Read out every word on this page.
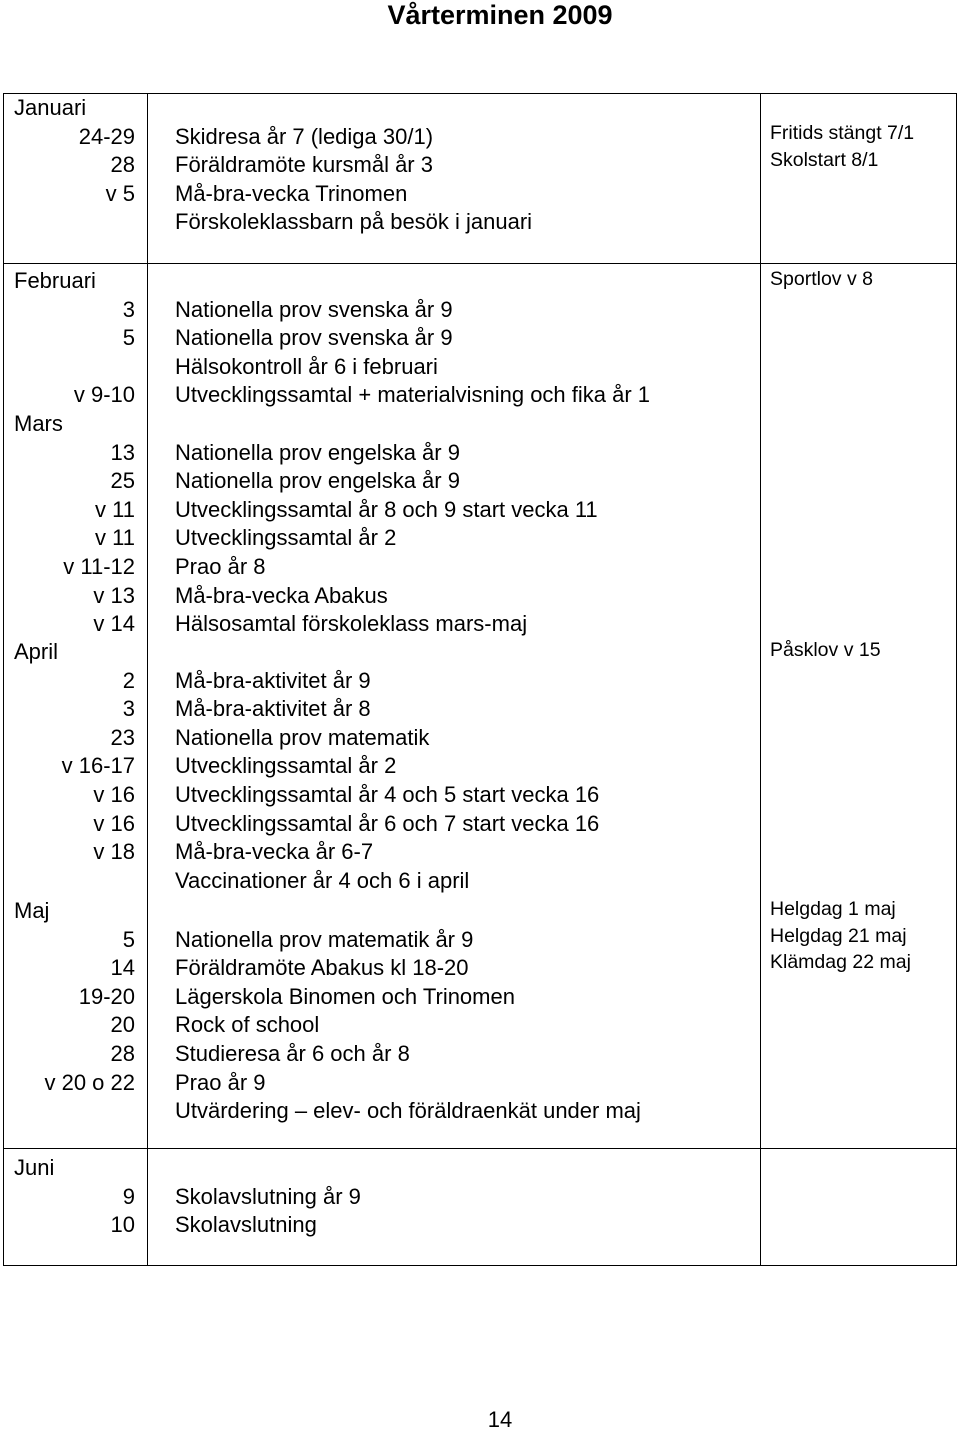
Vårterminen 2009
Januari
24-29 Skidresa år 7 (lediga 30/1)
28 Föräldramöte kursmål år 3
v 5 Må-bra-vecka Trinomen
Förskoleklassbarn på besök i januari
Fritids stängt 7/1
Skolstart 8/1
Februari
3 Nationella prov svenska år 9
5 Nationella prov svenska år 9
Hälsokontroll år 6 i februari
v 9-10 Utvecklingssamtal + materialvisning och fika år 1
Sportlov v 8
Mars
13 Nationella prov engelska år 9
25 Nationella prov engelska år 9
v 11 Utvecklingssamtal år 8 och 9 start vecka 11
v 11 Utvecklingssamtal år 2
v 11-12 Prao år 8
v 13 Må-bra-vecka Abakus
v 14 Hälsosamtal förskoleklass mars-maj
April
2 Må-bra-aktivitet år 9
3 Må-bra-aktivitet år 8
23 Nationella prov matematik
v 16-17 Utvecklingssamtal år 2
v 16 Utvecklingssamtal år 4 och 5 start vecka 16
v 16 Utvecklingssamtal år 6 och 7 start vecka 16
v 18 Må-bra-vecka år 6-7
Vaccinationer år 4 och 6 i april
Påsklov v 15
Maj
5 Nationella prov matematik år 9
14 Föräldramöte Abakus kl 18-20
19-20 Lägerskola Binomen och Trinomen
20 Rock of school
28 Studieresa år 6 och år 8
v 20 o 22 Prao år 9
Utvärdering – elev- och föräldraenkät under maj
Helgdag 1 maj
Helgdag 21 maj
Klämdag 22 maj
Juni
9 Skolavslutning år 9
10 Skolavslutning
14
